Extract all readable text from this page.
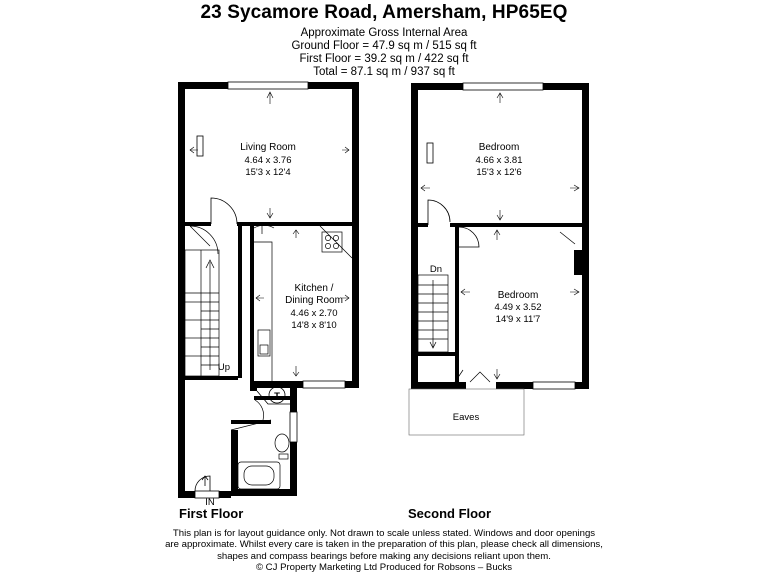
23 Sycamore Road, Amersham, HP65EQ
Approximate Gross Internal Area
Ground Floor = 47.9 sq m / 515 sq ft
First Floor = 39.2 sq m / 422 sq ft
Total = 87.1 sq m / 937 sq ft
Living Room
4.64 x 3.76
15'3 x 12'4
Kitchen /
Dining Room
4.46 x 2.70
14'8 x 8'10
Bedroom
4.66 x 3.81
15'3 x 12'6
Bedroom
4.49 x 3.52
14'9 x 11'7
Eaves
Up
Dn
IN
T
First Floor	Second Floor
This plan is for layout guidance only. Not drawn to scale unless stated. Windows and door openings
are approximate. Whilst every care is taken in the preparation of this plan, please check all dimensions,
shapes and compass bearings before making any decisions reliant upon them.
© CJ Property Marketing Ltd Produced for Robsons – Bucks
